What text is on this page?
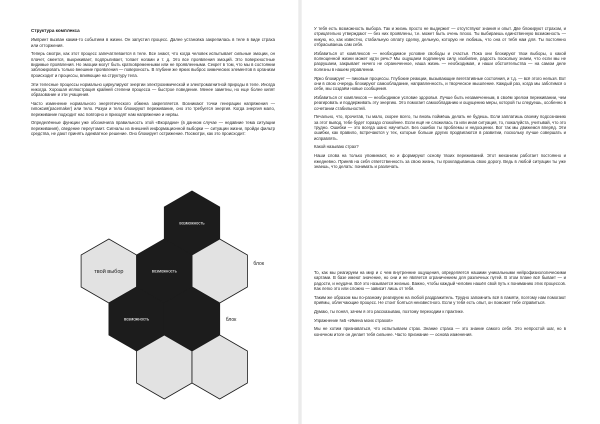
Структура комплекса

Импринт вызван каким-то событием в жизни. Он запустил процесс. Далее установка закрепилась в теле в виде страха или отторжения.

Теперь смотри, как этот процесс запечатлевается в теле. Все знают, что когда человек испытывает сильные эмоции, он плачет, смеется, выкрикивает, подпрыгивает, топает ногами и т. д. Это все проявления эмоций. Это поверхностные видимые проявления. Но эмоции могут быть кратковременными или не проявленными. Секрет в том, что мы в состоянии заблокировать только внешние проявления — поверхность. В глубине же ярких выброс химических элементов в организм происходит и процессы, влияющие на структуру тела.

Эти телесные процессы нормально циркулируют энергии электрохимической и электромагнитной природы в теле. Иногда никогда. Хорошая иллюстрация крайней степени процесса — быстрое поведение. Менее заметны, но еще более кипят образование и эти учащения.

Часто изменение нормального энергетического обмена закрепляется. Возникают точки генерации напряжения — гипоксия(pacemaker) или тело. Разум и тело блокируют переживание, оно это требуется энергия. Когда энергия мало, переживание подходит нас повторно и приходят нам напряжение и нервы.

Определённые функции уже обозначила правильность этой «Вкорадии» (в данном случае — недавние тема ситуации переживания), сведение переутомит. Сигналы из внешней информационной выборки — ситуации жизни, пройди фильтр средства, не дают принять адекватное решение. Оно блокирует острижение. Посмотри, как это происходит:

возможность
твой выбор
блок
возможность
возможность	блок

У тебя есть возможность выбора. Так и жизнь просто не выдержит — отсутствуют знания и опыт. Две блокируют страхом, и отрицательно утверждают — без них проявлены, т.е. может быть очень плохо. Ты выбираешь единственную возможность — никую, но, как известно, стабильную оплату сделку, дельную, которую не любишь, что она от тебя нам для. Ты постоянно отбрасываешь сам себя.

Избавиться от комплексов — необходимое условие свободы и счастья. Пока они блокируют твои выборы, о какой полноценной жизни может идти речь? Мы ощущаем подлинную силу, изобилие, радость поскольку знаем, что если мы не разрушаем, закрывает ничего не ограниченное, наша жизнь — необходимая, и наши обстоятельства — на самом деле полезны в нашем управлении.

Ярко блокирует — пиковые процессы. Глубокие реакции, вызывающие вегетативные состояния, и т.д. — всё этого нельзя. Вот они в свою очередь блокируют самообладание, направленность, и творческое мышление. Каждый раз, когда мы заботимся о себе, мы создаём новые сообщения.

Избавиться от комплексов — необходимое условие здоровья. Лучше быть незамеченным, в своём зрелом переживании, чем реагировать и поддерживать эту энергию. Это помогает самообладанию и ощущению меры, которой ты следуешь, особенно в сочетании стабильностей.

Печально, что, прочитав, ты мало, скорее всего, ты вновь поймёшь делать не будешь. Если заплатишь своему подсознанию за этот вывод, тебе будет гораздо спокойнее. Если ещё не сложилась та или иная ситуация, то, пожалуйста, учитывай, что это трудно. Ошибки — это всегда шанс научиться. Без ошибок ты проблемы и недооценки. Вот так мы движемся вперёд. Эти ошибки, как правило, встречаются у тех, которые больше других продвигаются в развитии, поскольку лучше совершать и исправлять.

Какой называю страх?

Наши слова на только упоминают, но и формируют основу твоих переживаний. Этот механизм работает постоянно и ежедневно. Приняв на себя ответственность за свою жизнь, ты прокладываешь свою дорогу. Ведь в любой ситуации ты уже знаешь, что делать: понимать и различать.

То, как мы реагируем на мир и с чем внутренние ощущения, определяется нашими уникальными нейрофизиологическими картами. В базе имеют значение, но они и не является ограничением для различных путей. В этом плане всё бывает — и радости, и неудачи. Всё это называется жизнью. Важно, чтобы каждый человек нашёл свой путь к пониманию этих процессов. Как легко это или сложно — зависит лишь от тебя.

Таким же образом мы по-разному реагируем на любой раздражитель. Трудно запомнить всё в памяти, поэтому нам помогают приёмы, облегчающие процесс. Не стоит бояться неизвестного. Если у тебя есть опыт, он поможет тебе справиться.

Думаю, ты понял, зачем я это рассказываю, поэтому переходим к практике.

Упражнение №5 «Имена моих страхов»

Мы не хотим признаваться, что испытываем страх. Знание страха — это знание самого себя. Это непростой шаг, но в конечном итоге он делает тебя сильнее. Часто признание — основа изменения.
